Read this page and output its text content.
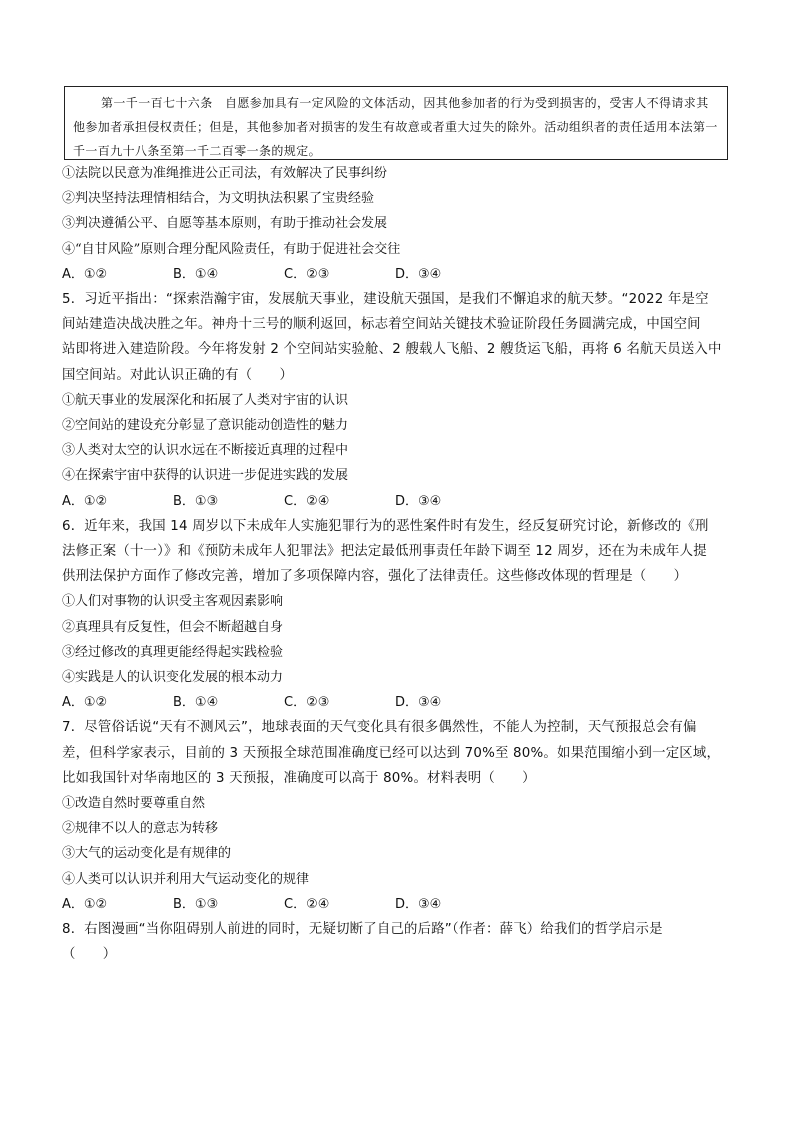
第一千一百七十六条　自愿参加具有一定风险的文体活动，因其他参加者的行为受到损害的，受害人不得请求其他参加者承担侵权责任；但是，其他参加者对损害的发生有故意或者重大过失的除外。活动组织者的责任适用本法第一千一百九十八条至第一千二百零一条的规定。

①法院以民意为准绳推进公正司法，有效解决了民事纠纷
②判决坚持法理情相结合，为文明执法积累了宝贵经验
③判决遵循公平、自愿等基本原则，有助于推动社会发展
④“自甘风险”原则合理分配风险责任，有助于促进社会交往
A．①②	B．①④	C．②③	D．③④
5．习近平指出：“探索浩瀚宇宙，发展航天事业，建设航天强国，是我们不懈追求的航天梦。“2022 年是空
间站建造决战决胜之年。神舟十三号的顺利返回，标志着空间站关键技术验证阶段任务圆满完成，中国空间
站即将进入建造阶段。今年将发射 2 个空间站实验舱、2 艘载人飞船、2 艘货运飞船，再将 6 名航天员送入中
国空间站。对此认识正确的有（　　）
①航天事业的发展深化和拓展了人类对宇宙的认识
②空间站的建设充分彰显了意识能动创造性的魅力
③人类对太空的认识水远在不断接近真理的过程中
④在探索宇宙中获得的认识进一步促进实践的发展
A．①②	B．①③	C．②④	D．③④
6．近年来，我国 14 周岁以下未成年人实施犯罪行为的恶性案件时有发生，经反复研究讨论，新修改的《刑
法修正案（十一）》和《预防未成年人犯罪法》把法定最低刑事责任年龄下调至 12 周岁，还在为未成年人提
供刑法保护方面作了修改完善，增加了多项保障内容，强化了法律责任。这些修改体现的哲理是（　　）
①人们对事物的认识受主客观因素影响
②真理具有反复性，但会不断超越自身
③经过修改的真理更能经得起实践检验
④实践是人的认识变化发展的根本动力
A．①②	B．①④	C．②③	D．③④
7．尽管俗话说“天有不测风云”，地球表面的天气变化具有很多偶然性，不能人为控制，天气预报总会有偏
差，但科学家表示，目前的 3 天预报全球范围准确度已经可以达到 70%至 80%。如果范围缩小到一定区域，
比如我国针对华南地区的 3 天预报，准确度可以高于 80%。材料表明（　　）
①改造自然时要尊重自然
②规律不以人的意志为转移
③大气的运动变化是有规律的
④人类可以认识并利用大气运动变化的规律
A．①②	B．①③	C．②④	D．③④
8．右图漫画“当你阻碍别人前进的同时，无疑切断了自己的后路”（作者：薛飞）给我们的哲学启示是
（　　）
